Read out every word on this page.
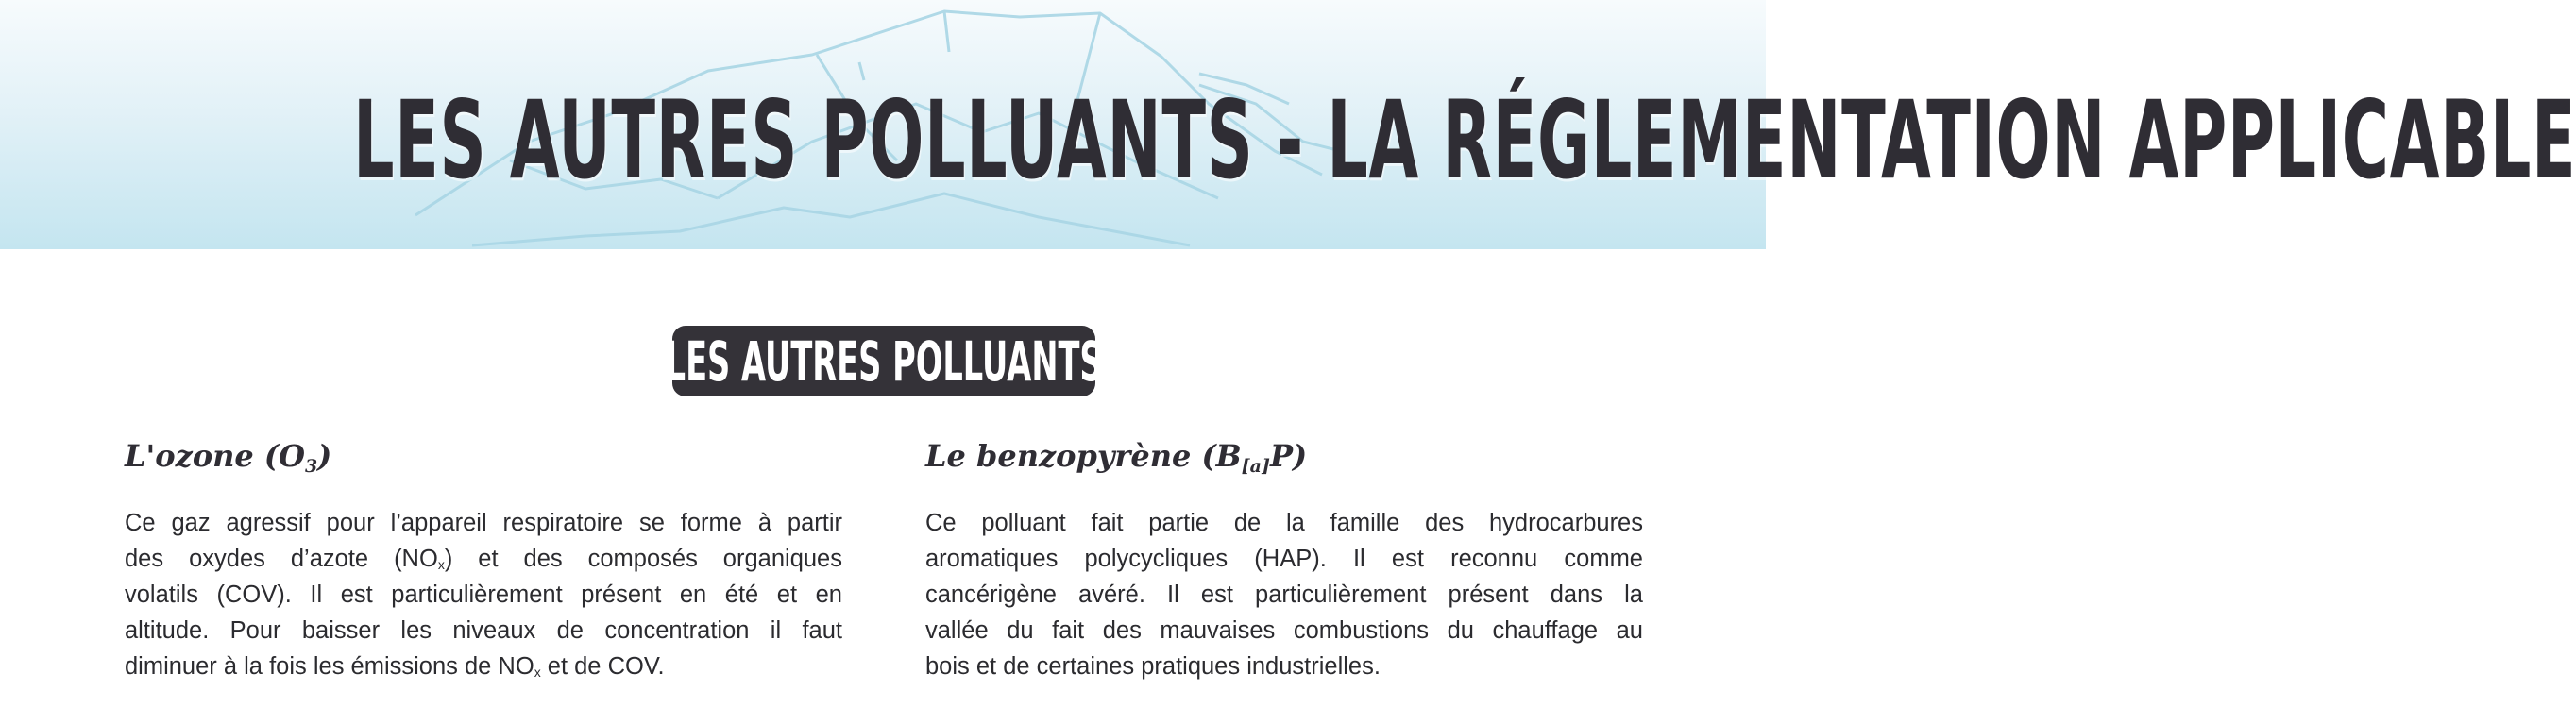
LES AUTRES POLLUANTS - LA RÉGLEMENTATION APPLICABLE
LES AUTRES POLLUANTS
L'ozone $(O_3)$
Ce gaz agressif pour l’appareil respiratoire se forme à partir
des oxydes d’azote $(NO_x)$ et des composés organiques
volatils (COV). Il est particulièrement présent en été et en
altitude. Pour baisser les niveaux de concentration il faut
diminuer à la fois les émissions de $NO_x$ et de COV.
Le benzopyrène $(B_{[a]}P)$
Ce polluant fait partie de la famille des hydrocarbures
aromatiques polycycliques (HAP). Il est reconnu comme
cancérigène avéré. Il est particulièrement présent dans la
vallée du fait des mauvaises combustions du chauffage au
bois et de certaines pratiques industrielles.
